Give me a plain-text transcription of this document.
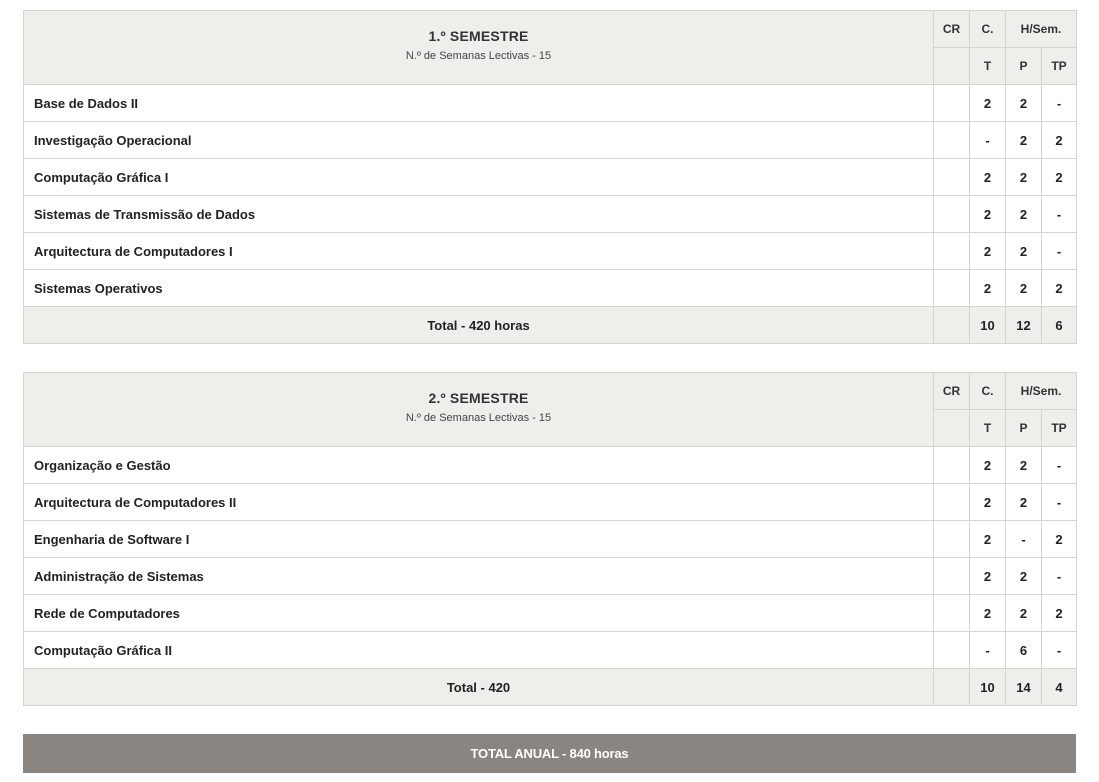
1.º SEMESTRE
N.º de Semanas Lectivas - 15	CR	C.	H/Sem.	
		T	P	TP
Base de Dados II		2	2	-
Investigação Operacional		-	2	2
Computação Gráfica I		2	2	2
Sistemas de Transmissão de Dados		2	2	-
Arquitectura de Computadores I		2	2	-
Sistemas Operativos		2	2	2
Total - 420 horas		10	12	6
2.º SEMESTRE
N.º de Semanas Lectivas - 15	CR	C.	H/Sem.	
		T	P	TP
Organização e Gestão		2	2	-
Arquitectura de Computadores II		2	2	-
Engenharia de Software I		2	-	2
Administração de Sistemas		2	2	-
Rede de Computadores		2	2	2
Computação Gráfica II		-	6	-
Total - 420		10	14	4
TOTAL ANUAL - 840 horas
